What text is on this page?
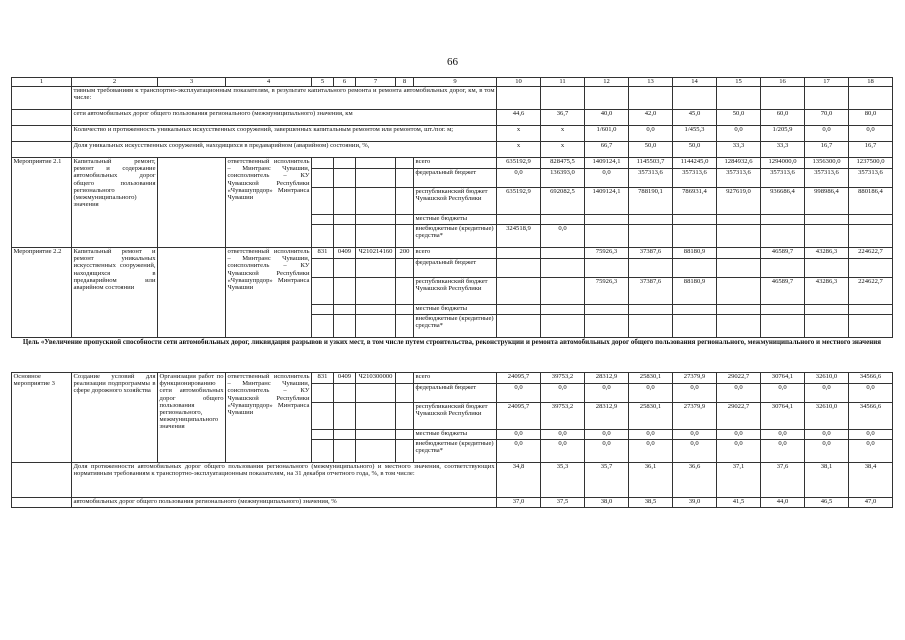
66
1	2	3	4	5	6	7	8	9	10	11	12	13	14	15	16	17	18
	тивным требованиям к транспортно-эксплуатационным показателям, в результате капитального ремонта и ремонта автомобильных дорог, км, в том числе:																
	сети автомобильных дорог общего пользования регионального (межмуниципального) значения, км								44,6	36,7	40,0	42,0	45,0	50,0	60,0	70,0	80,0
	Количество и протяженность уникальных искусственных сооружений, завершенных капитальным ремонтом или ремонтом, шт./пог. м;								x	x	1/601,0	0,0	1/455,3	0,0	1/205,9	0,0	0,0
	Доля уникальных искусственных сооружений, находящихся в предаварийном (аварийном) состоянии, %,								x	x	66,7	50,0	50,0	33,3	33,3	16,7	16,7
Мероприятие 2.1	Капитальный ремонт, ремонт и содержание автомобильных дорог общего пользования регионального (межмуниципального) значения		ответственный исполнитель – Минтранс Чувашии, соисполнитель – КУ Чувашской Республики «Чувашупрдор» Минтранса Чувашии					всего	635192,9	828475,5	1409124,1	1145503,7	1144245,0	1284932,6	1294000,0	1356300,0	1237500,0
								федеральный бюджет	0,0	136393,0	0,0	357313,6	357313,6	357313,6	357313,6	357313,6	357313,6
								республиканский бюджет Чувашской Республики	635192,9	692082,5	1409124,1	788190,1	786931,4	927619,0	936686,4	998986,4	880186,4
								местные бюджеты									
								внебюджетные (кредитные) средства*	324518,9	0,0							
Мероприятие 2.2	Капитальный ремонт и ремонт уникальных искусственных сооружений, находящихся в предаварийном или аварийном состоянии		ответственный исполнитель – Минтранс Чувашии, соисполнитель – КУ Чувашской Республики «Чувашупрдор» Минтранса Чувашии	831	0409	Ч210214160	200	всего			75926,3	37387,6	88180,9		46589,7	43286,3	224622,7
								федеральный бюджет									
								республиканский бюджет Чувашской Республики			75926,3	37387,6	88180,9		46589,7	43286,3	224622,7
								местные бюджеты									
								внебюджетные (кредитные) средства*									
Цель «Увеличение пропускной способности сети автомобильных дорог, ликвидация разрывов и узких мест, в том числе путем строительства, реконструкции и ремонта автомобильных дорог общего пользования регионального, межмуниципального и местного значения																	
Основное мероприятие 3	Создание условий для реализации подпрограммы в сфере дорожного хозяйства	Организация работ по функционированию сети автомобильных дорог общего пользования регионального, межмуниципального значения	ответственный исполнитель – Минтранс Чувашии, соисполнитель – КУ Чувашской Республики «Чувашупрдор» Минтранса Чувашии	831	0409	Ч210300000		всего	24095,7	39753,2	28312,9	25830,1	27379,9	29022,7	30764,1	32610,0	34566,6
								федеральный бюджет	0,0	0,0	0,0	0,0	0,0	0,0	0,0	0,0	0,0
								республиканский бюджет Чувашской Республики	24095,7	39753,2	28312,9	25830,1	27379,9	29022,7	30764,1	32610,0	34566,6
								местные бюджеты	0,0	0,0	0,0	0,0	0,0	0,0	0,0	0,0	0,0
								внебюджетные (кредитные) средства*	0,0	0,0	0,0	0,0	0,0	0,0	0,0	0,0	0,0
	Доля протяженности автомобильных дорог общего пользования регионального (межмуниципального) и местного значения, соответствующих нормативным требованиям к транспортно-эксплуатационным показателям, на 31 декабря отчетного года, %, в том числе:								34,8	35,3	35,7	36,1	36,6	37,1	37,6	38,1	38,4
	автомобильных дорог общего пользования регионального (межмуниципального) значения, %								37,0	37,5	38,0	38,5	39,0	41,5	44,0	46,5	47,0
